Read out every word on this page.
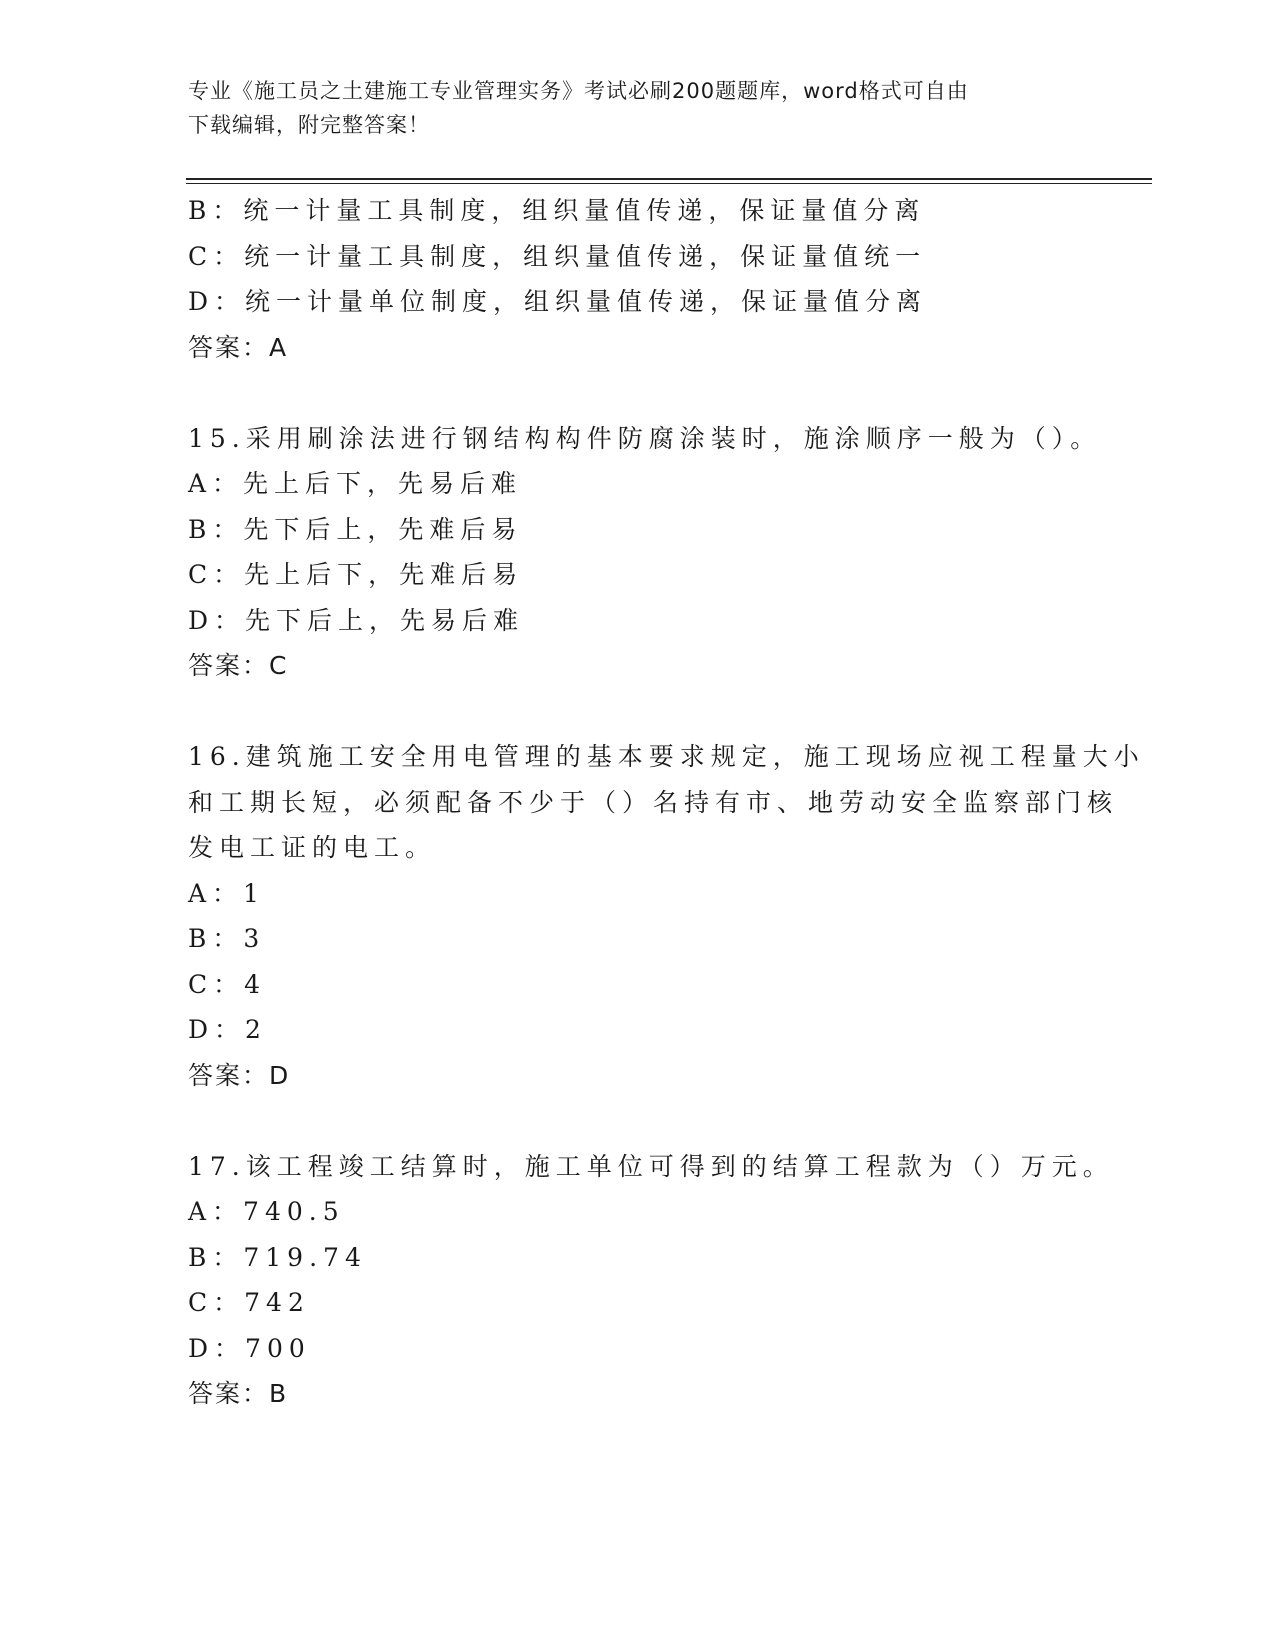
专业《施工员之土建施工专业管理实务》考试必刷200题题库，word格式可自由
下载编辑，附完整答案！
B：统一计量工具制度，组织量值传递，保证量值分离
C：统一计量工具制度，组织量值传递，保证量值统一
D：统一计量单位制度，组织量值传递，保证量值分离
答案：A
15.采用刷涂法进行钢结构构件防腐涂装时，施涂顺序一般为（）。
A：先上后下，先易后难
B：先下后上，先难后易
C：先上后下，先难后易
D：先下后上，先易后难
答案：C
16.建筑施工安全用电管理的基本要求规定，施工现场应视工程量大小
和工期长短，必须配备不少于（）名持有市、地劳动安全监察部门核
发电工证的电工。
A：1
B：3
C：4
D：2
答案：D
17.该工程竣工结算时，施工单位可得到的结算工程款为（）万元。
A：740.5
B：719.74
C：742
D：700
答案：B
